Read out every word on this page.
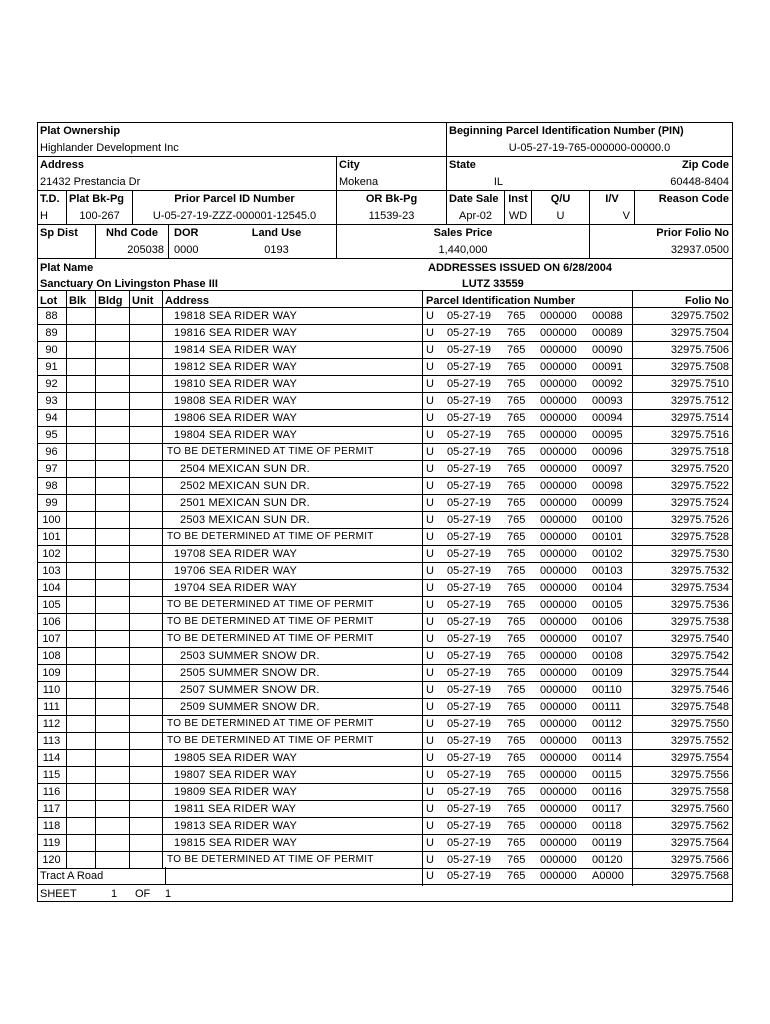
Plat Ownership
Highlander Development Inc
Beginning Parcel Identification Number (PIN)
U-05-27-19-765-000000-00000.0
Address
21432 Prestancia Dr
City
Mokena
State
IL
Zip Code
60448-8404
T.D.
H
Plat Bk-Pg
100-267
Prior Parcel ID Number
U-05-27-19-ZZZ-000001-12545.0
OR Bk-Pg
11539-23
Date Sale
Apr-02
Inst
WD
Q/U
U
I/V
V
Reason Code
Sp Dist	Nhd Code
205038
DOR
0000
Land Use
0193
Sales Price
1,440,000
Prior Folio No
32937.0500
Plat Name
Sanctuary On Livingston Phase III
ADDRESSES ISSUED ON 6/28/2004
LUTZ 33559
Lot Blk Bldg Unit Address	Parcel Identification Number	Folio No
88	19818 SEA RIDER WAY	U 05-27-19 765 000000 00088	32975.7502
89	19816 SEA RIDER WAY	U 05-27-19 765 000000 00089	32975.7504
90	19814 SEA RIDER WAY	U 05-27-19 765 000000 00090	32975.7506
91	19812 SEA RIDER WAY	U 05-27-19 765 000000 00091	32975.7508
92	19810 SEA RIDER WAY	U 05-27-19 765 000000 00092	32975.7510
93	19808 SEA RIDER WAY	U 05-27-19 765 000000 00093	32975.7512
94	19806 SEA RIDER WAY	U 05-27-19 765 000000 00094	32975.7514
95	19804 SEA RIDER WAY	U 05-27-19 765 000000 00095	32975.7516
96	TO BE DETERMINED AT TIME OF PERMIT	U 05-27-19 765 000000 00096	32975.7518
97	2504 MEXICAN SUN DR.	U 05-27-19 765 000000 00097	32975.7520
98	2502 MEXICAN SUN DR.	U 05-27-19 765 000000 00098	32975.7522
99	2501 MEXICAN SUN DR.	U 05-27-19 765 000000 00099	32975.7524
100	2503 MEXICAN SUN DR.	U 05-27-19 765 000000 00100	32975.7526
101	TO BE DETERMINED AT TIME OF PERMIT	U 05-27-19 765 000000 00101	32975.7528
102	19708 SEA RIDER WAY	U 05-27-19 765 000000 00102	32975.7530
103	19706 SEA RIDER WAY	U 05-27-19 765 000000 00103	32975.7532
104	19704 SEA RIDER WAY	U 05-27-19 765 000000 00104	32975.7534
105	TO BE DETERMINED AT TIME OF PERMIT	U 05-27-19 765 000000 00105	32975.7536
106	TO BE DETERMINED AT TIME OF PERMIT	U 05-27-19 765 000000 00106	32975.7538
107	TO BE DETERMINED AT TIME OF PERMIT	U 05-27-19 765 000000 00107	32975.7540
108	2503 SUMMER SNOW DR.	U 05-27-19 765 000000 00108	32975.7542
109	2505 SUMMER SNOW DR.	U 05-27-19 765 000000 00109	32975.7544
110	2507 SUMMER SNOW DR.	U 05-27-19 765 000000 00110	32975.7546
111	2509 SUMMER SNOW DR.	U 05-27-19 765 000000 00111	32975.7548
112	TO BE DETERMINED AT TIME OF PERMIT	U 05-27-19 765 000000 00112	32975.7550
113	TO BE DETERMINED AT TIME OF PERMIT	U 05-27-19 765 000000 00113	32975.7552
114	19805 SEA RIDER WAY	U 05-27-19 765 000000 00114	32975.7554
115	19807 SEA RIDER WAY	U 05-27-19 765 000000 00115	32975.7556
116	19809 SEA RIDER WAY	U 05-27-19 765 000000 00116	32975.7558
117	19811 SEA RIDER WAY	U 05-27-19 765 000000 00117	32975.7560
118	19813 SEA RIDER WAY	U 05-27-19 765 000000 00118	32975.7562
119	19815 SEA RIDER WAY	U 05-27-19 765 000000 00119	32975.7564
120	TO BE DETERMINED AT TIME OF PERMIT	U 05-27-19 765 000000 00120	32975.7566
Tract A Road	U 05-27-19 765 000000 A0000	32975.7568
SHEET	1 OF 1
